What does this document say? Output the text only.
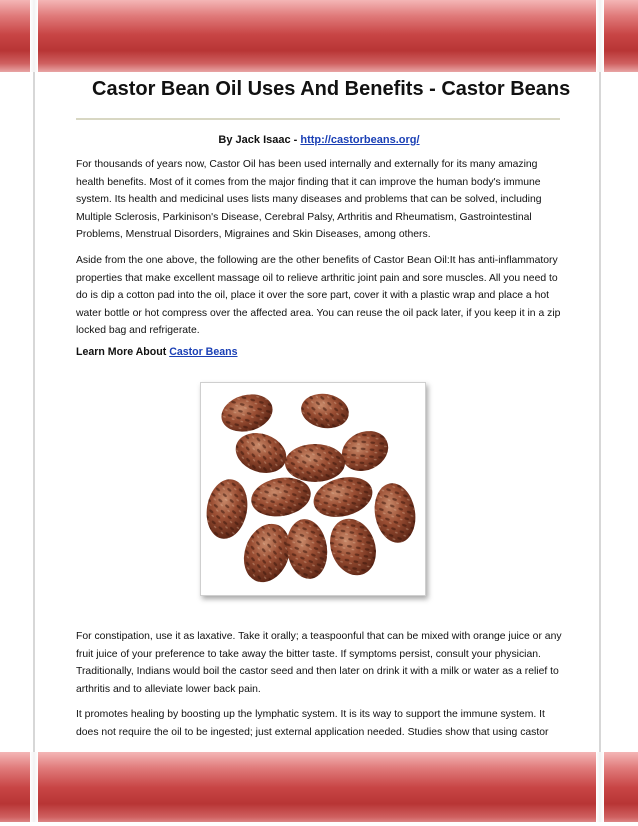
Castor Bean Oil Uses And Benefits - Castor Beans
By Jack Isaac - http://castorbeans.org/

For thousands of years now, Castor Oil has been used internally and externally for its many amazing health benefits. Most of it comes from the major finding that it can improve the human body's immune system. Its health and medicinal uses lists many diseases and problems that can be solved, including Multiple Sclerosis, Parkinison's Disease, Cerebral Palsy, Arthritis and Rheumatism, Gastrointestinal Problems, Menstrual Disorders, Migraines and Skin Diseases, among others.

Aside from the one above, the following are the other benefits of Castor Bean Oil:It has anti-inflammatory properties that make excellent massage oil to relieve arthritic joint pain and sore muscles. All you need to do is dip a cotton pad into the oil, place it over the sore part, cover it with a plastic wrap and place a hot water bottle or hot compress over the affected area. You can reuse the oil pack later, if you keep it in a zip locked bag and refrigerate.

Learn More About Castor Beans

For constipation, use it as laxative. Take it orally; a teaspoonful that can be mixed with orange juice or any fruit juice of your preference to take away the bitter taste. If symptoms persist, consult your physician. Traditionally, Indians would boil the castor seed and then later on drink it with a milk or water as a relief to arthritis and to alleviate lower back pain.

It promotes healing by boosting up the lymphatic system. It is its way to support the immune system. It does not require the oil to be ingested; just external application needed. Studies show that using castor
